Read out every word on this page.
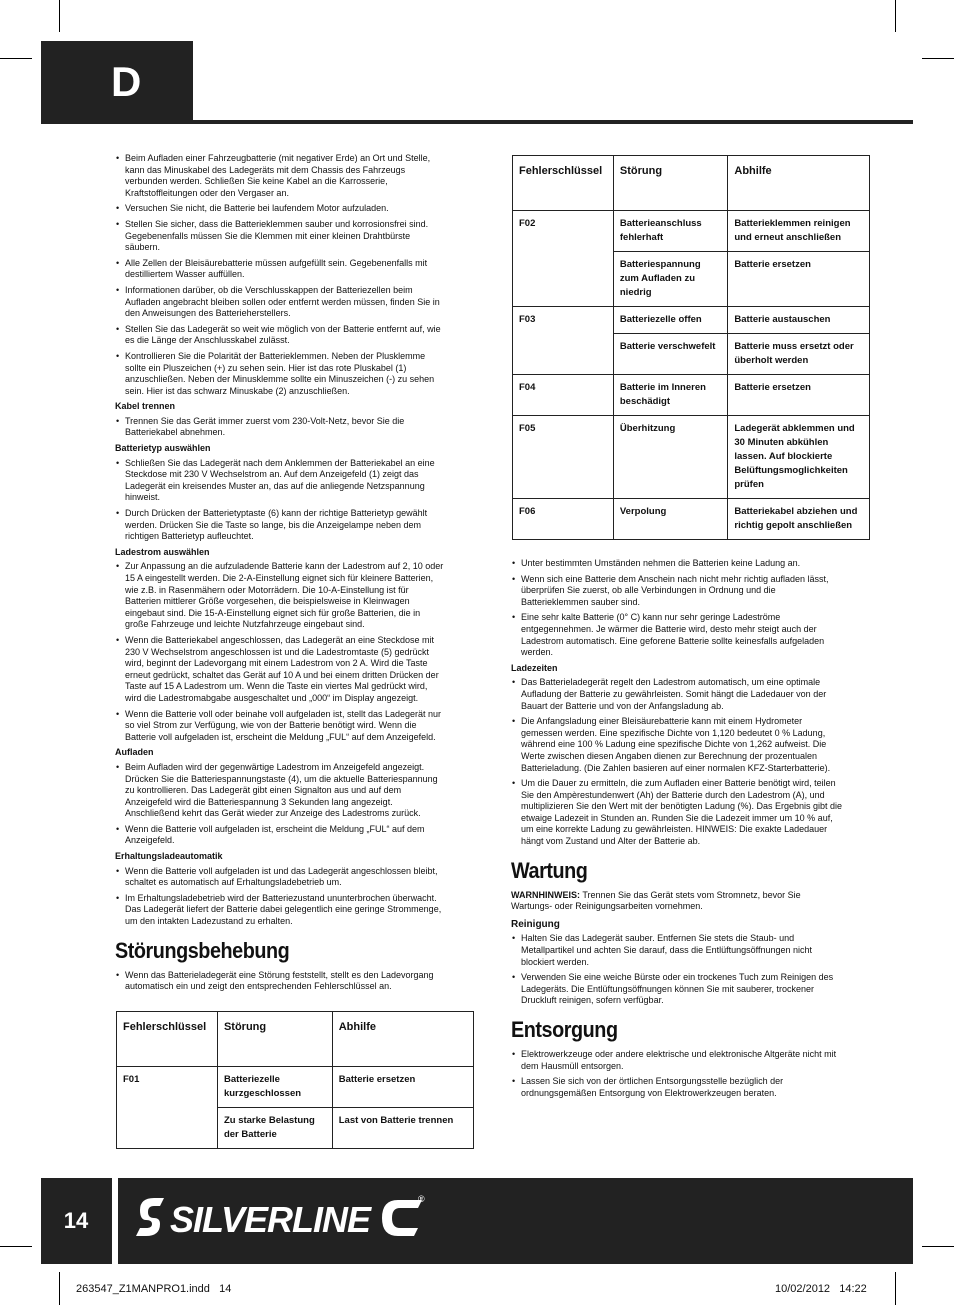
D
• Beim Aufladen einer Fahrzeugbatterie (mit negativer Erde) an Ort und Stelle, kann das Minuskabel des Ladegeräts mit dem Chassis des Fahrzeugs verbunden werden. Schließen Sie keine Kabel an die Karrosserie, Kraftstoffleitungen oder den Vergaser an.
• Versuchen Sie nicht, die Batterie bei laufendem Motor aufzuladen.
• Stellen Sie sicher, dass die Batterieklemmen sauber und korrosionsfrei sind. Gegebenenfalls müssen Sie die Klemmen mit einer kleinen Drahtbürste säubern.
• Alle Zellen der Bleisäurebatterie müssen aufgefüllt sein. Gegebenenfalls mit destilliertem Wasser auffüllen.
• Informationen darüber, ob die Verschlusskappen der Batteriezellen beim Aufladen angebracht bleiben sollen oder entfernt werden müssen, finden Sie in den Anweisungen des Batterieherstellers.
• Stellen Sie das Ladegerät so weit wie möglich von der Batterie entfernt auf, wie es die Länge der Anschlusskabel zulässt.
• Kontrollieren Sie die Polarität der Batterieklemmen. Neben der Plusklemme sollte ein Pluszeichen (+) zu sehen sein. Hier ist das rote Pluskabel (1) anzuschließen. Neben der Minusklemme sollte ein Minuszeichen (-) zu sehen sein. Hier ist das schwarz Minuskabe (2) anzuschließen.
Kabel trennen
• Trennen Sie das Gerät immer zuerst vom 230-Volt-Netz, bevor Sie die Batteriekabel abnehmen.
Batterietyp auswählen
• Schließen Sie das Ladegerät nach dem Anklemmen der Batteriekabel an eine Steckdose mit 230 V Wechselstrom an. Auf dem Anzeigefeld (1) zeigt das Ladegerät ein kreisendes Muster an, das auf die anliegende Netzspannung hinweist.
• Durch Drücken der Batterietyptaste (6) kann der richtige Batterietyp gewählt werden. Drücken Sie die Taste so lange, bis die Anzeigelampe neben dem richtigen Batterietyp aufleuchtet.
Ladestrom auswählen
• Zur Anpassung an die aufzuladende Batterie kann der Ladestrom auf 2, 10 oder 15 A eingestellt werden. Die 2-A-Einstellung eignet sich für kleinere Batterien, wie z.B. in Rasenmähern oder Motorrädern. Die 10-A-Einstellung ist für Batterien mittlerer Größe vorgesehen, die beispielsweise in Kleinwagen eingebaut sind. Die 15-A-Einstellung eignet sich für große Batterien, die in große Fahrzeuge und leichte Nutzfahrzeuge eingebaut sind.
• Wenn die Batteriekabel angeschlossen, das Ladegerät an eine Steckdose mit 230 V Wechselstrom angeschlossen ist und die Ladestromtaste (5) gedrückt wird, beginnt der Ladevorgang mit einem Ladestrom von 2 A. Wird die Taste erneut gedrückt, schaltet das Gerät auf 10 A und bei einem dritten Drücken der Taste auf 15 A Ladestrom um. Wenn die Taste ein viertes Mal gedrückt wird, wird die Ladestromabgabe ausgeschaltet und „000“ im Display angezeigt.
• Wenn die Batterie voll oder beinahe voll aufgeladen ist, stellt das Ladegerät nur so viel Strom zur Verfügung, wie von der Batterie benötigt wird. Wenn die Batterie voll aufgeladen ist, erscheint die Meldung „FUL“ auf dem Anzeigefeld.
Aufladen
• Beim Aufladen wird der gegenwärtige Ladestrom im Anzeigefeld angezeigt. Drücken Sie die Batteriespannungstaste (4), um die aktuelle Batteriespannung zu kontrollieren. Das Ladegerät gibt einen Signalton aus und auf dem Anzeigefeld wird die Batteriespannung 3 Sekunden lang angezeigt. Anschließend kehrt das Gerät wieder zur Anzeige des Ladestroms zurück.
• Wenn die Batterie voll aufgeladen ist, erscheint die Meldung „FUL“ auf dem Anzeigefeld.
Erhaltungsladeautomatik
• Wenn die Batterie voll aufgeladen ist und das Ladegerät angeschlossen bleibt, schaltet es automatisch auf Erhaltungsladebetrieb um.
• Im Erhaltungsladebetrieb wird der Batteriezustand ununterbrochen überwacht. Das Ladegerät liefert der Batterie dabei gelegentlich eine geringe Strommenge, um den intakten Ladezustand zu erhalten.
Störungsbehebung
• Wenn das Batterieladegerät eine Störung feststellt, stellt es den Ladevorgang automatisch ein und zeigt den entsprechenden Fehlerschlüssel an.
Fehlerschlüssel	Störung	Abhilfe
F01	Batteriezelle kurzgeschlossen	Batterie ersetzen
	Zu starke Belastung der Batterie	Last von Batterie trennen
Fehlerschlüssel	Störung	Abhilfe
F02	Batterieanschluss fehlerhaft	Batterieklemmen reinigen und erneut anschließen
	Batteriespannung zum Aufladen zu niedrig	Batterie ersetzen
F03	Batteriezelle offen	Batterie austauschen
	Batterie verschwefelt	Batterie muss ersetzt oder überholt werden
F04	Batterie im Inneren beschädigt	Batterie ersetzen
F05	Überhitzung	Ladegerät abklemmen und 30 Minuten abkühlen lassen. Auf blockierte Belüftungsmoglichkeiten prüfen
F06	Verpolung	Batteriekabel abziehen und richtig gepolt anschließen
• Unter bestimmten Umständen nehmen die Batterien keine Ladung an.
• Wenn sich eine Batterie dem Anschein nach nicht mehr richtig aufladen lässt, überprüfen Sie zuerst, ob alle Verbindungen in Ordnung und die Batterieklemmen sauber sind.
• Eine sehr kalte Batterie (0° C) kann nur sehr geringe Ladeströme entgegennehmen. Je wärmer die Batterie wird, desto mehr steigt auch der Ladestrom automatisch. Eine geforene Batterie sollte keinesfalls aufgeladen werden.
Ladezeiten
• Das Batterieladegerät regelt den Ladestrom automatisch, um eine optimale Aufladung der Batterie zu gewährleisten. Somit hängt die Ladedauer von der Bauart der Batterie und von der Anfangsladung ab.
• Die Anfangsladung einer Bleisäurebatterie kann mit einem Hydrometer gemessen werden. Eine spezifische Dichte von 1,120 bedeutet 0 % Ladung, während eine 100 % Ladung eine spezifische Dichte von 1,262 aufweist. Die Werte zwischen diesen Angaben dienen zur Berechnung der prozentualen Batterieladung. (Die Zahlen basieren auf einer normalen KFZ-Starterbatterie).
• Um die Dauer zu ermitteln, die zum Aufladen einer Batterie benötigt wird, teilen Sie den Ampèrestundenwert (Ah) der Batterie durch den Ladestrom (A), und multiplizieren Sie den Wert mit der benötigten Ladung (%). Das Ergebnis gibt die etwaige Ladezeit in Stunden an. Runden Sie die Ladezeit immer um 10 % auf, um eine korrekte Ladung zu gewährleisten. HINWEIS: Die exakte Ladedauer hängt vom Zustand und Alter der Batterie ab.
Wartung
WARNHINWEIS: Trennen Sie das Gerät stets vom Stromnetz, bevor Sie Wartungs- oder Reinigungsarbeiten vornehmen.
Reinigung
• Halten Sie das Ladegerät sauber. Entfernen Sie stets die Staub- und Metallpartikel und achten Sie darauf, dass die Entlüftungsöffnungen nicht blockiert werden.
• Verwenden Sie eine weiche Bürste oder ein trockenes Tuch zum Reinigen des Ladegeräts. Die Entlüftungsöffnungen können Sie mit sauberer, trockener Druckluft reinigen, sofern verfügbar.
Entsorgung
• Elektrowerkzeuge oder andere elektrische und elektronische Altgeräte nicht mit dem Hausmüll entsorgen.
• Lassen Sie sich von der örtlichen Entsorgungsstelle bezüglich der ordnungsgemäßen Entsorgung von Elektrowerkzeugen beraten.
14	SILVERLINE	®
263547_Z1MANPRO1.indd   14	10/02/2012   14:22
